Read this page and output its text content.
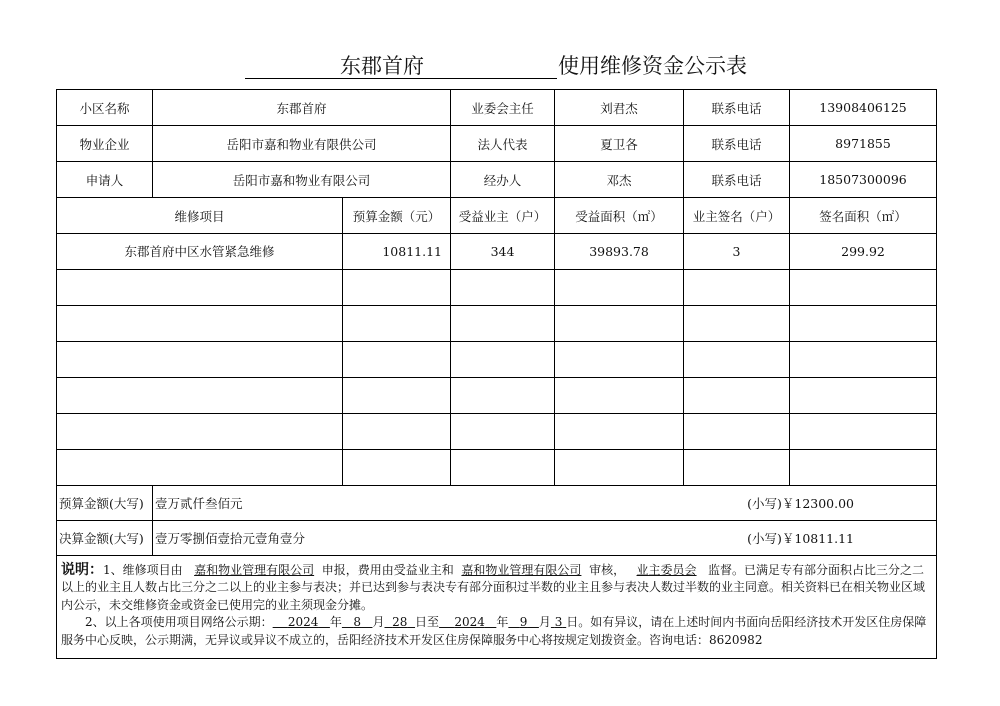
东郡首府	使用维修资金公示表
小区名称	东郡首府		业委会主任	刘君杰	联系电话	13908406125
物业企业	岳阳市嘉和物业有限供公司		法人代表	夏卫各	联系电话	8971855
申请人	岳阳市嘉和物业有限公司		经办人	邓杰	联系电话	18507300096
维修项目		预算金额（元）	受益业主（户）	受益面积（㎡）	业主签名（户）	签名面积（㎡）
东郡首府中区水管紧急维修		10811.11	344	39893.78	3	299.92

预算金额(大写)	壹万贰仟叁佰元 (小写)￥12300.00					

决算金额(大写)	壹万零捌佰壹拾元壹角壹分 (小写)￥10811.11					

说明：1、维修项目由 嘉和物业管理有限公司 申报，费用由受益业主和 嘉和物业管理有限公司 审核， 业主委员会 监督。已满足专有部分面积占比三分之二以上的业主且人数占比三分之二以上的业主参与表决；并已达到参与表决专有部分面积过半数的业主且参与表决人数过半数的业主同意。相关资料已在相关物业区域内公示，未交维修资金或资金已使用完的业主须现金分摊。
2、以上各项使用项目网络公示期： 2024 年 8 月 28 日至 2024 年 9 月 3 日。如有异议，请在上述时间内书面向岳阳经济技术开发区住房保障服务中心反映，公示期满，无异议或异议不成立的，岳阳经济技术开发区住房保障服务中心将按规定划拨资金。咨询电话：8620982						
